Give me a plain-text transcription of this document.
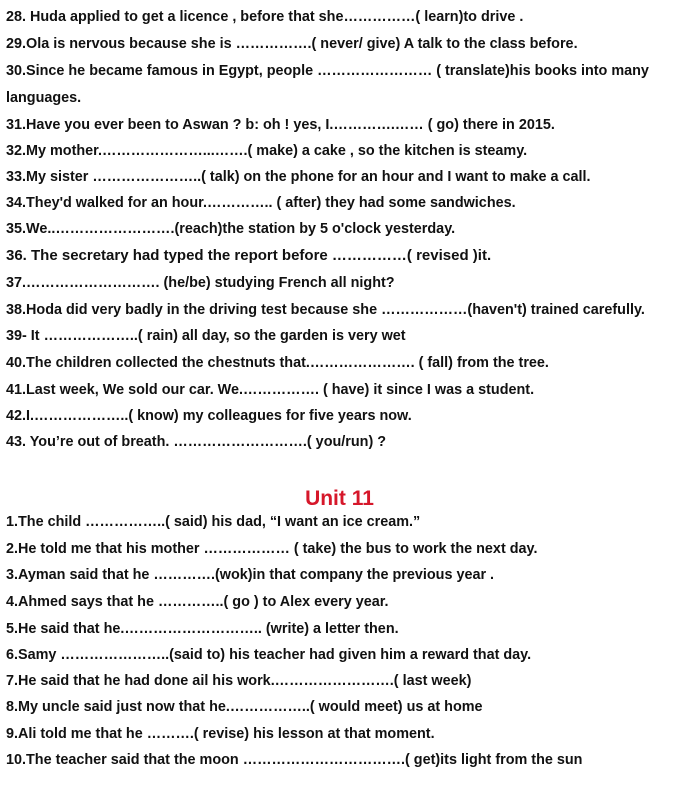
28. Huda applied to get a licence , before that she……………( learn)to drive .
29.Ola is nervous because she is …………….( never/ give) A talk to the class before.
30.Since he became famous in Egypt, people …………………… ( translate)his books into many
languages.
31.Have you ever been to Aswan ? b: oh ! yes, I.………….…… ( go) there in 2015.
32.My mother.…………………...…….( make) a cake , so the kitchen is steamy.
33.My sister …………………..( talk) on the phone for an hour and I want to make a call.
34.They'd walked for an hour.………….. ( after) they had some sandwiches.
35.We..…………………….(reach)the station by 5 o'clock yesterday.
36. The secretary had typed the report before ……………( revised )it.
37.………………………. (he/be) studying French all night?
38.Hoda did very badly in the driving test because she ………………(haven't) trained carefully.
39- It ………………..( rain) all day, so the garden is very wet
40.The children collected the chestnuts that.…………………. ( fall) from the tree.
41.Last week, We sold our car. We.……………. ( have) it since I was a student.
42.I.………………..( know) my colleagues for five years now.
43. You’re out of breath. ……………………….( you/run) ?
Unit 11
1.The child ……………..( said) his dad, “I want an ice cream.”
2.He told me that his mother ……………… ( take) the bus to work the next day.
3.Ayman said that he ………….(wok)in that company the previous year .
4.Ahmed says that he …………..( go ) to Alex every year.
5.He said that he.……………………….. (write) a letter then.
6.Samy …………………..(said to) his teacher had given him a reward that day.
7.He said that he had done ail his work.…………………….( last week)
8.My uncle said just now that he.……………..( would meet) us at home
9.Ali told me that he ……….( revise) his lesson at that moment.
10.The teacher said that the moon …………………………….( get)its light from the sun
